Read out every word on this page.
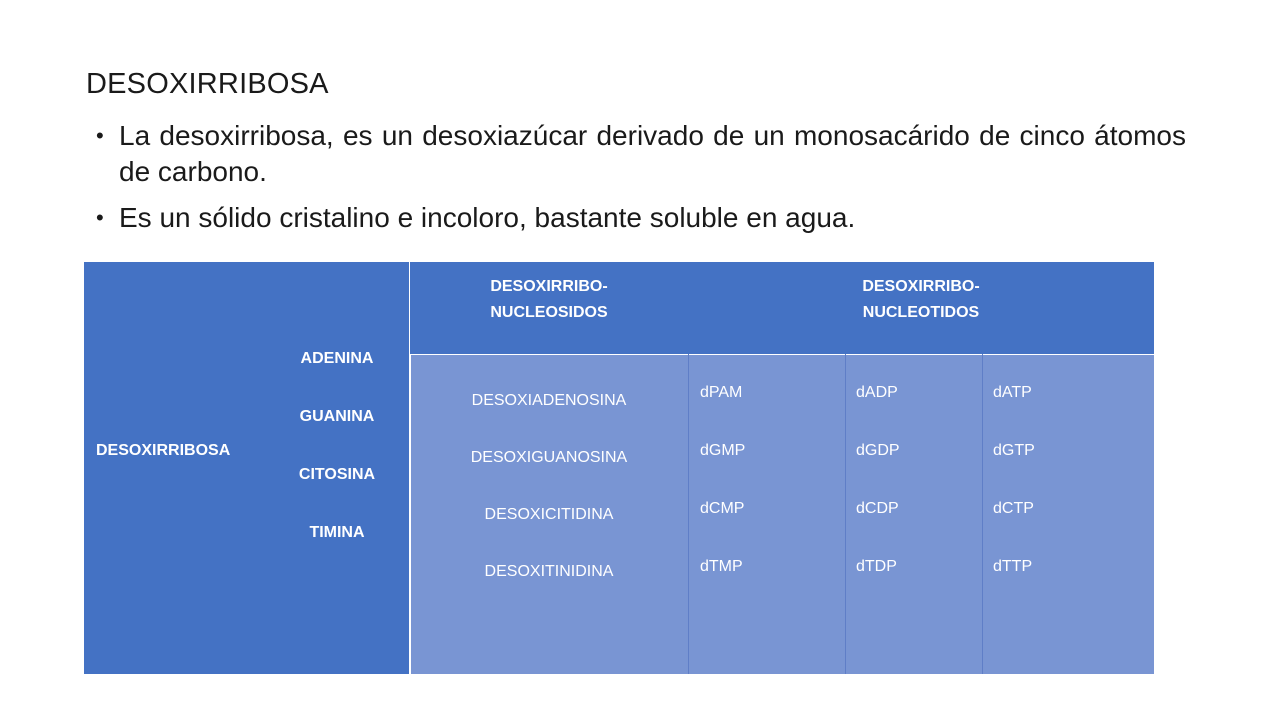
DESOXIRRIBOSA
• La desoxirribosa, es un desoxiazúcar derivado de un monosacárido de cinco átomos de carbono.
• Es un sólido cristalino e incoloro, bastante soluble en agua.
DESOXIRRIBO-
NUCLEOSIDOS
DESOXIRRIBO-
NUCLEOTIDOS
DESOXIRRIBOSA
ADENINA
GUANINA
CITOSINA
TIMINA
DESOXIADENOSINA
DESOXIGUANOSINA
DESOXICITIDINA
DESOXITINIDINA
dPAM
dGMP
dCMP
dTMP
dADP
dGDP
dCDP
dTDP
dATP
dGTP
dCTP
dTTP
